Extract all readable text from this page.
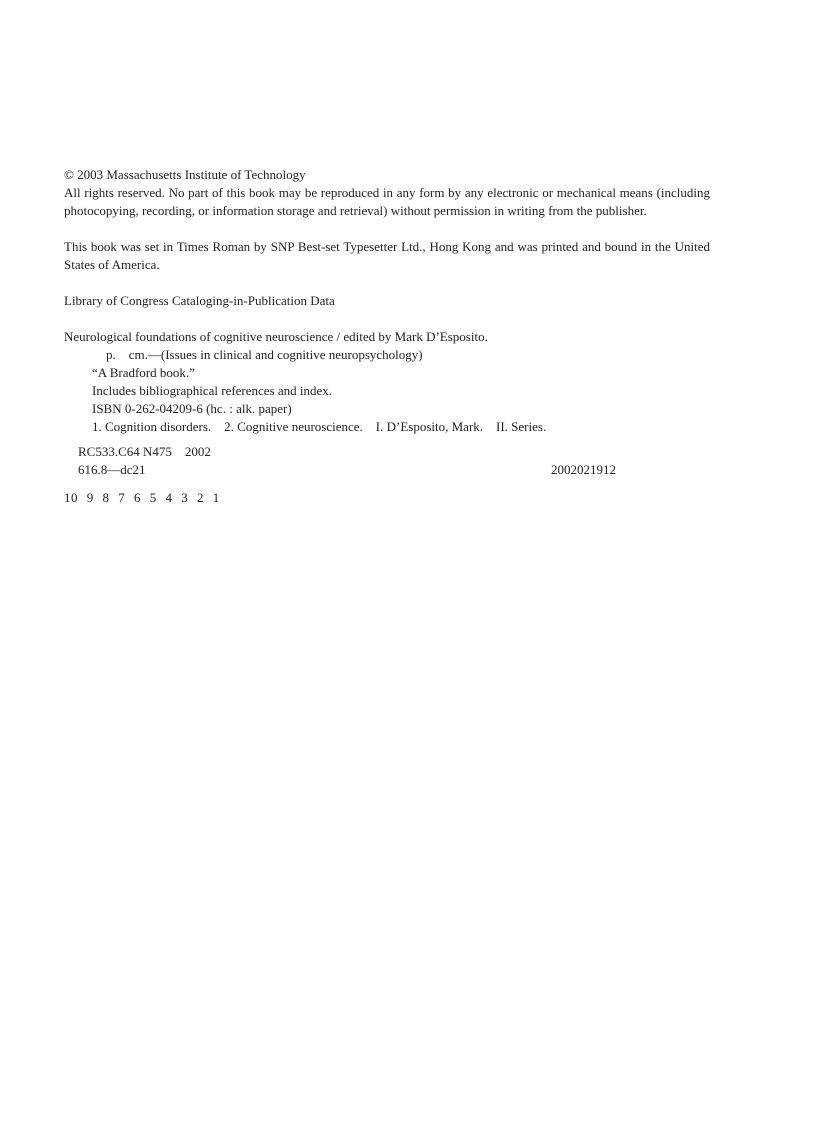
© 2003 Massachusetts Institute of Technology

All rights reserved. No part of this book may be reproduced in any form by any electronic or mechanical means (including photocopying, recording, or information storage and retrieval) without permission in writing from the publisher.

This book was set in Times Roman by SNP Best-set Typesetter Ltd., Hong Kong and was printed and bound in the United States of America.

Library of Congress Cataloging-in-Publication Data
Neurological foundations of cognitive neuroscience / edited by Mark D’Esposito.
p.    cm.—(Issues in clinical and cognitive neuropsychology)
“A Bradford book.”
Includes bibliographical references and index.
ISBN 0-262-04209-6 (hc. : alk. paper)
1. Cognition disorders.    2. Cognitive neuroscience.    I. D’Esposito, Mark.    II. Series.
RC533.C64 N475    2002
616.8—dc21	2002021912
10 9 8 7 6 5 4 3 2 1
